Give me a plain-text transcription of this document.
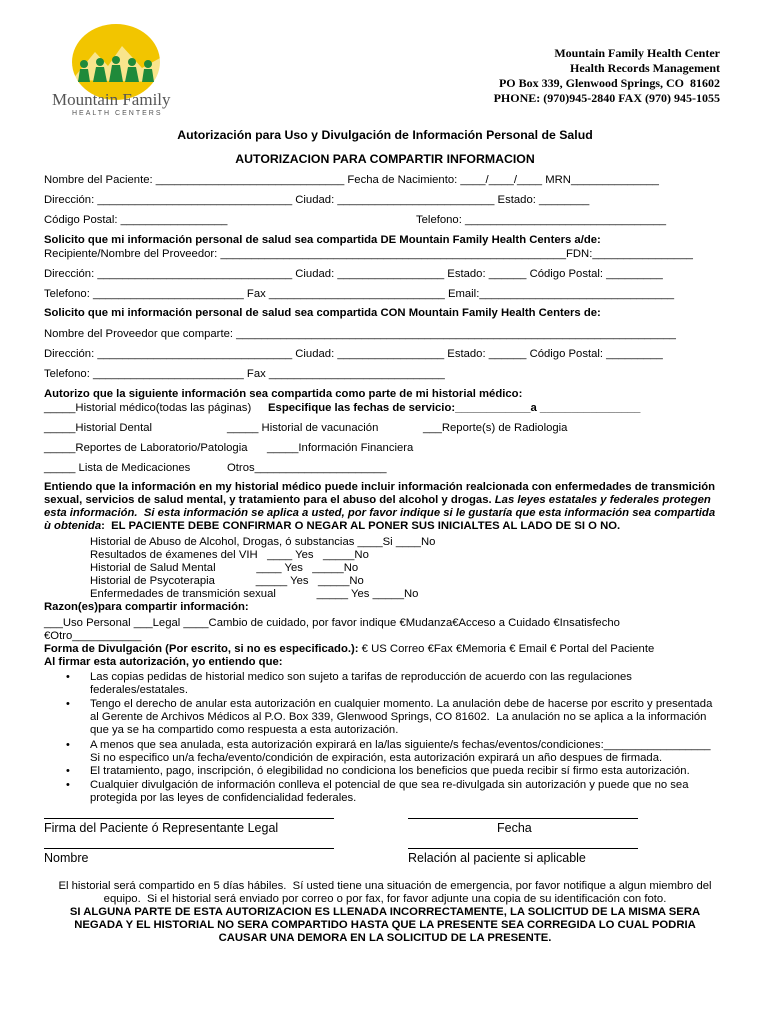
Mountain Family
HEALTH CENTERS
Mountain Family Health Center
Health Records Management
PO Box 339, Glenwood Springs, CO  81602
PHONE: (970)945-2840 FAX (970) 945-1055
Autorización para Uso y Divulgación de Información Personal de Salud
AUTORIZACION PARA COMPARTIR INFORMACION
Nombre del Paciente: ______________________________ Fecha de Nacimiento: ____/____/____ MRN______________
Dirección: _______________________________ Ciudad: _________________________ Estado: ________
Código Postal: _________________	Telefono: ________________________________
Solicito que mi información personal de salud sea compartida DE Mountain Family Health Centers a/de:
Recipiente/Nombre del Proveedor: _______________________________________________________FDN:________________
Dirección: _______________________________ Ciudad: _________________ Estado: ______ Código Postal: _________
Telefono: ________________________ Fax ____________________________ Email:_______________________________
Solicito que mi información personal de salud sea compartida CON Mountain Family Health Centers de:
Nombre del Proveedor que comparte: ______________________________________________________________________
Dirección: _______________________________ Ciudad: _________________ Estado: ______ Código Postal: _________
Telefono: ________________________ Fax ____________________________
Autorizo que la siguiente información sea compartida como parte de mi historial médico:
_____Historial médico(todas las páginas) Especifique las fechas de servicio:____________a ________________
_____Historial Dental	_____ Historial de vacunación	___Reporte(s) de Radiologia
_____Reportes de Laboratorio/Patologia _____Información Financiera
_____ Lista de Medicaciones	Otros_____________________
Entiendo que la información en my historial médico puede incluir información realcionada con enfermedades de transmición
sexual, servicios de salud mental, y tratamiento para el abuso del alcohol y drogas. Las leyes estatales y federales protegen
esta información.  Si esta información se aplica a usted, por favor indique si le gustaría que esta información sea compartida
ù obtenida:  EL PACIENTE DEBE CONFIRMAR O NEGAR AL PONER SUS INICIALTES AL LADO DE SI O NO.
Historial de Abuso de Alcohol, Drogas, ó substancias ____Si ____No
Resultados de éxamenes del VIH   ____ Yes   _____No
Historial de Salud Mental             ____ Yes   _____No
Historial de Psycoterapia             _____ Yes   _____No
Enfermedades de transmición sexual             _____ Yes _____No
Razon(es)para compartir información:
___Uso Personal ___Legal ____Cambio de cuidado, por favor indique €Mudanza€Acceso a Cuidado €Insatisfecho
€Otro___________
Forma de Divulgación (Por escrito, si no es especificado.): € US Correo €Fax €Memoria € Email € Portal del Paciente
Al firmar esta autorización, yo entiendo que:
• Las copias pedidas de historial medico son sujeto a tarifas de reproducción de acuerdo con las regulaciones
federales/estatales.
• Tengo el derecho de anular esta autorización en cualquier momento. La anulación debe de hacerse por escrito y presentada
al Gerente de Archivos Médicos al P.O. Box 339, Glenwood Springs, CO 81602.  La anulación no se aplica a la información
que ya se ha compartido como respuesta a esta autorización.
• A menos que sea anulada, esta autorización expirará en la/las siguiente/s fechas/eventos/condiciones:_________________
Si no especifico un/a fecha/evento/condición de expiración, esta autorización expirará un año despues de firmada.
• El tratamiento, pago, inscripción, ó elegibilidad no condiciona los beneficios que pueda recibir sí firmo esta autorización.
• Cualquier divulgación de información conlleva el potencial de que sea re-divulgada sin autorización y puede que no sea
protegida por las leyes de confidencialidad federales.
Firma del Paciente ó Representante Legal	Fecha
Nombre	Relación al paciente si aplicable
El historial será compartido en 5 días hábiles.  Sí usted tiene una situación de emergencia, por favor notifique a algun miembro del
equipo.  Si el historial será enviado por correo o por fax, for favor adjunte una copia de su identificación con foto.
SI ALGUNA PARTE DE ESTA AUTORIZACION ES LLENADA INCORRECTAMENTE, LA SOLICITUD DE LA MISMA SERA
NEGADA Y EL HISTORIAL NO SERA COMPARTIDO HASTA QUE LA PRESENTE SEA CORREGIDA LO CUAL PODRIA
CAUSAR UNA DEMORA EN LA SOLICITUD DE LA PRESENTE.
